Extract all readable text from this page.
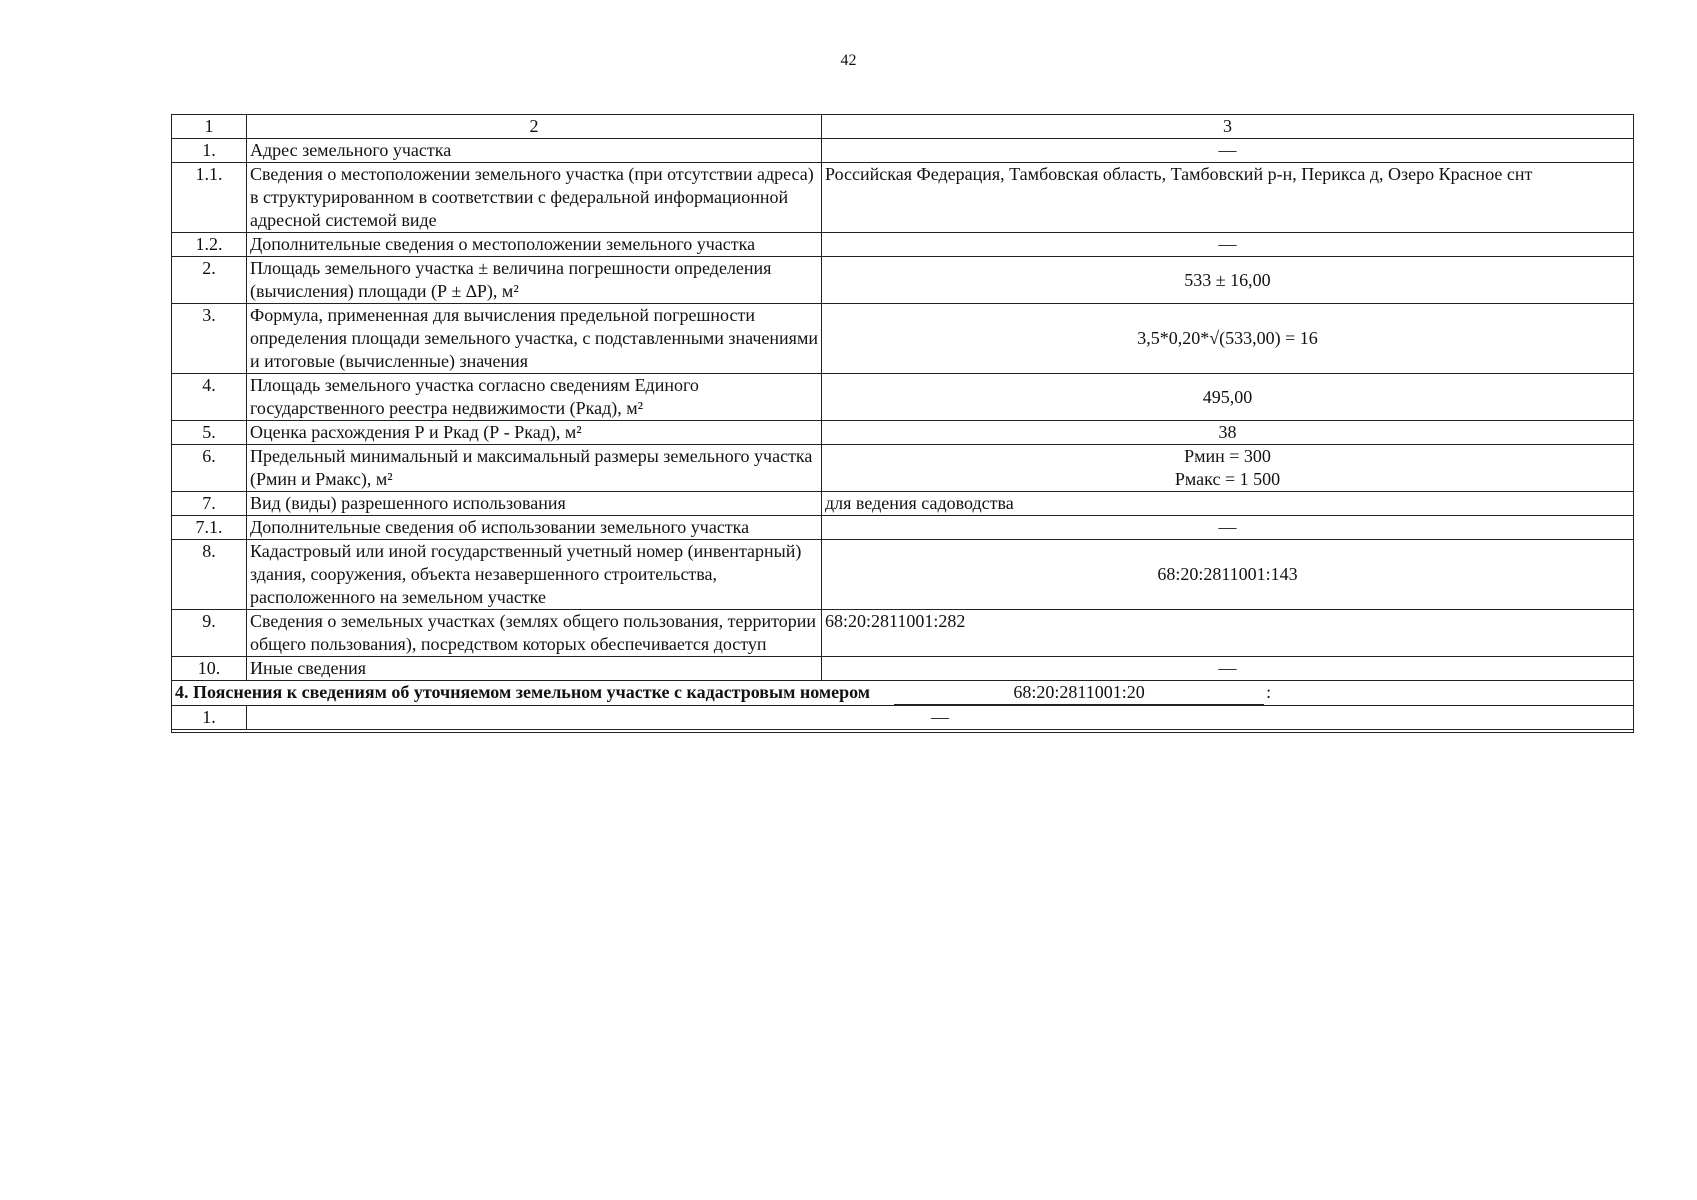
42
1	2	3
1.	Адрес земельного участка	—
1.1.	Сведения о местоположении земельного участка (при отсутствии адреса) в структурированном в соответствии с федеральной информационной адресной системой виде	Российская Федерация, Тамбовская область, Тамбовский р-н, Перикса д, Озеро Красное снт
1.2.	Дополнительные сведения о местоположении земельного участка	—
2.	Площадь земельного участка ± величина погрешности определения (вычисления) площади (Р ± ∆Р), м²	533 ± 16,00
3.	Формула, примененная для вычисления предельной погрешности определения площади земельного участка, с подставленными значениями и итоговые (вычисленные) значения	3,5*0,20*√(533,00) = 16
4.	Площадь земельного участка согласно сведениям Единого государственного реестра недвижимости (Ркад), м²	495,00
5.	Оценка расхождения Р и Ркад (Р - Ркад), м²	38
6.	Предельный минимальный и максимальный размеры земельного участка (Рмин и Рмакс), м²	Рмин = 300
Рмакс = 1 500

7.	Вид (виды) разрешенного использования	для ведения садоводства
7.1.	Дополнительные сведения об использовании земельного участка	—
8.	Кадастровый или иной государственный учетный номер (инвентарный) здания, сооружения, объекта незавершенного строительства, расположенного на земельном участке	68:20:2811001:143
9.	Сведения о земельных участках (землях общего пользования, территории общего пользования), посредством которых обеспечивается доступ	68:20:2811001:282
10.	Иные сведения	—
4. Пояснения к сведениям об уточняемом земельном участке с кадастровым номером 68:20:2811001:20 :		
1.	—	
